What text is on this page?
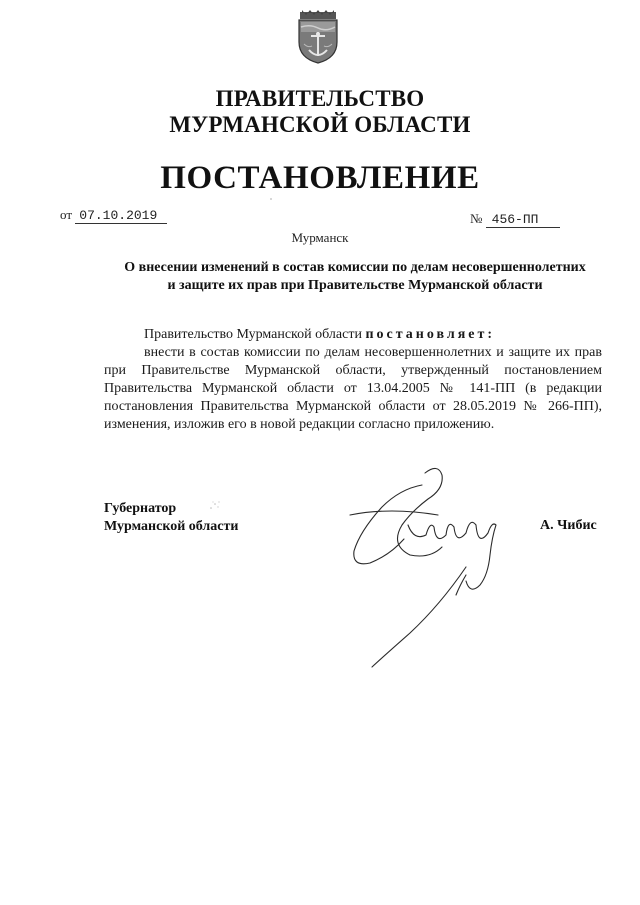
ПРАВИТЕЛЬСТВО
МУРМАНСКОЙ ОБЛАСТИ
ПОСТАНОВЛЕНИЕ
от 07.10.2019	№ 456-ПП
Мурманск
О внесении изменений в состав комиссии по делам несовершеннолетних
и защите их прав при Правительстве Мурманской области

Правительство Мурманской области постановляет:

внести в состав комиссии по делам несовершеннолетних и защите их прав при Правительстве Мурманской области, утвержденный постановлением Правительства Мурманской области от 13.04.2005 № 141-ПП (в редакции постановления Правительства Мурманской области от 28.05.2019 № 266-ПП), изменения, изложив его в новой редакции согласно приложению.

Губернатор
Мурманской области	А. Чибис
